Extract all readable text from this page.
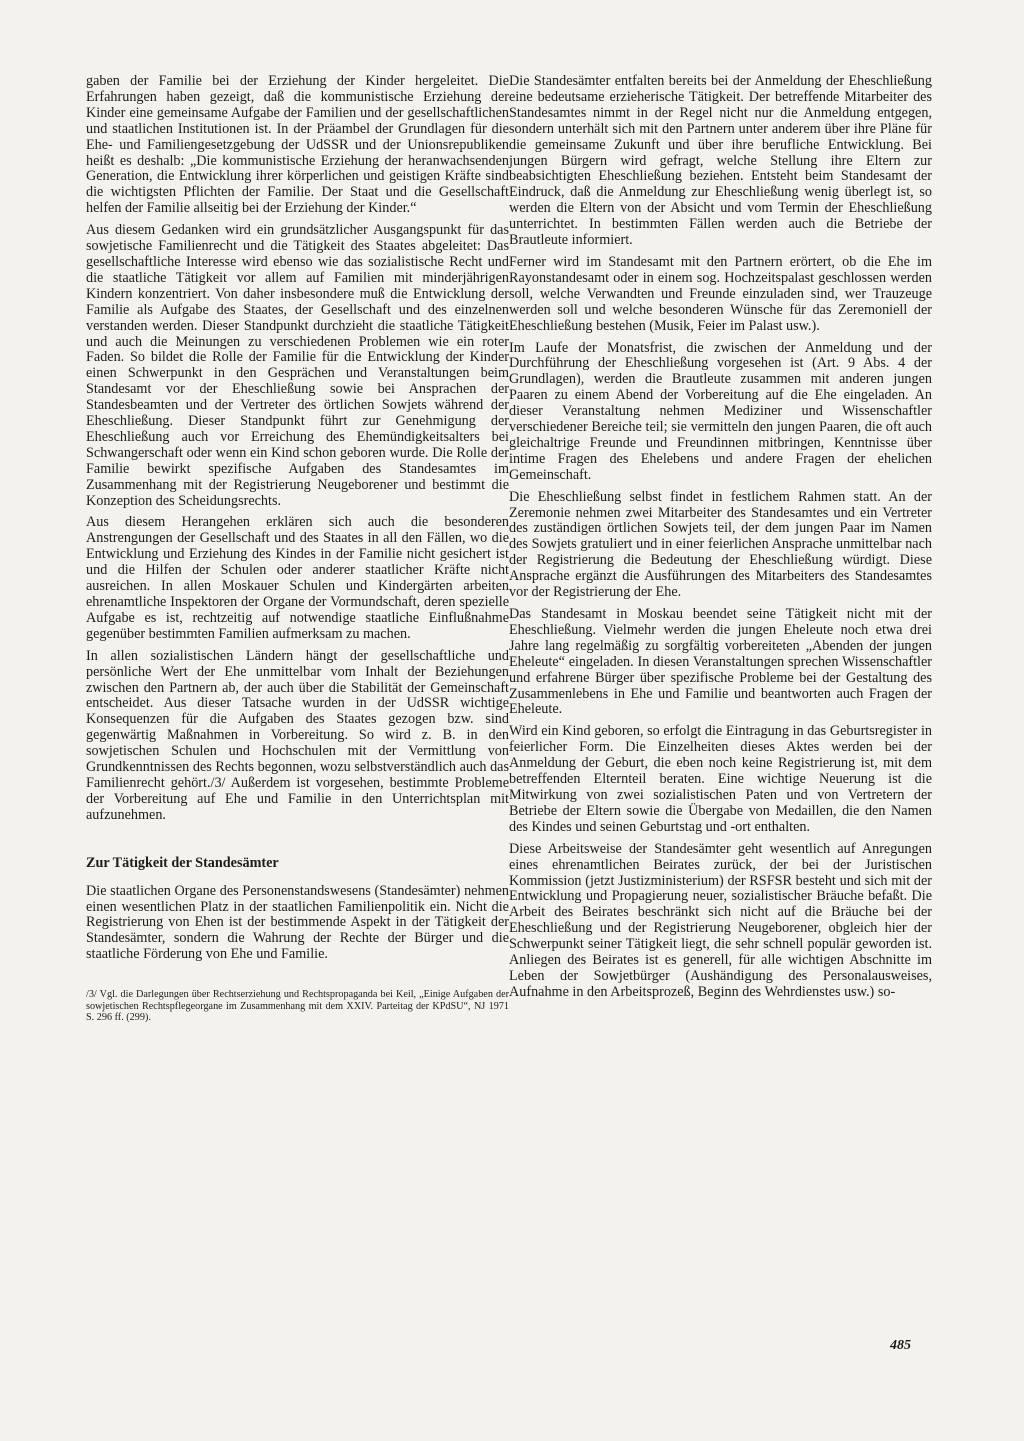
gaben der Familie bei der Erziehung der Kinder hergeleitet. Die Erfahrungen haben gezeigt, daß die kommunistische Erziehung der Kinder eine gemeinsame Aufgabe der Familien und der gesellschaftlichen und staatlichen Institutionen ist. In der Präambel der Grundlagen für die Ehe- und Familiengesetzgebung der UdSSR und der Unionsrepubliken heißt es deshalb: „Die kommunistische Erziehung der heranwachsenden Generation, die Entwicklung ihrer körperlichen und geistigen Kräfte sind die wichtigsten Pflichten der Familie. Der Staat und die Gesellschaft helfen der Familie allseitig bei der Erziehung der Kinder.“

Aus diesem Gedanken wird ein grundsätzlicher Ausgangspunkt für das sowjetische Familienrecht und die Tätigkeit des Staates abgeleitet: Das gesellschaftliche Interesse wird ebenso wie das sozialistische Recht und die staatliche Tätigkeit vor allem auf Familien mit minderjährigen Kindern konzentriert. Von daher insbesondere muß die Entwicklung der Familie als Aufgabe des Staates, der Gesellschaft und des einzelnen verstanden werden. Dieser Standpunkt durchzieht die staatliche Tätigkeit und auch die Meinungen zu verschiedenen Problemen wie ein roter Faden. So bildet die Rolle der Familie für die Entwicklung der Kinder einen Schwerpunkt in den Gesprächen und Veranstaltungen beim Standesamt vor der Eheschließung sowie bei Ansprachen der Standesbeamten und der Vertreter des örtlichen Sowjets während der Eheschließung. Dieser Standpunkt führt zur Genehmigung der Eheschließung auch vor Erreichung des Ehemündigkeitsalters bei Schwangerschaft oder wenn ein Kind schon geboren wurde. Die Rolle der Familie bewirkt spezifische Aufgaben des Standesamtes im Zusammenhang mit der Registrierung Neugeborener und bestimmt die Konzeption des Scheidungsrechts.

Aus diesem Herangehen erklären sich auch die besonderen Anstrengungen der Gesellschaft und des Staates in all den Fällen, wo die Entwicklung und Erziehung des Kindes in der Familie nicht gesichert ist und die Hilfen der Schulen oder anderer staatlicher Kräfte nicht ausreichen. In allen Moskauer Schulen und Kindergärten arbeiten ehrenamtliche Inspektoren der Organe der Vormundschaft, deren spezielle Aufgabe es ist, rechtzeitig auf notwendige staatliche Einflußnahme gegenüber bestimmten Familien aufmerksam zu machen.

In allen sozialistischen Ländern hängt der gesellschaftliche und persönliche Wert der Ehe unmittelbar vom Inhalt der Beziehungen zwischen den Partnern ab, der auch über die Stabilität der Gemeinschaft entscheidet. Aus dieser Tatsache wurden in der UdSSR wichtige Konsequenzen für die Aufgaben des Staates gezogen bzw. sind gegenwärtig Maßnahmen in Vorbereitung. So wird z. B. in den sowjetischen Schulen und Hochschulen mit der Vermittlung von Grundkenntnissen des Rechts begonnen, wozu selbstverständlich auch das Familienrecht gehört./3/ Außerdem ist vorgesehen, bestimmte Probleme der Vorbereitung auf Ehe und Familie in den Unterrichtsplan mit aufzunehmen.

Zur Tätigkeit der Standesämter

Die staatlichen Organe des Personenstandswesens (Standesämter) nehmen einen wesentlichen Platz in der staatlichen Familienpolitik ein. Nicht die Registrierung von Ehen ist der bestimmende Aspekt in der Tätigkeit der Standesämter, sondern die Wahrung der Rechte der Bürger und die staatliche Förderung von Ehe und Familie.

/3/ Vgl. die Darlegungen über Rechtserziehung und Rechtspropaganda bei Keil, „Einige Aufgaben der sowjetischen Rechtspflegeorgane im Zusammenhang mit dem XXIV. Parteitag der KPdSU“, NJ 1971 S. 296 ff. (299).

Die Standesämter entfalten bereits bei der Anmeldung der Eheschließung eine bedeutsame erzieherische Tätigkeit. Der betreffende Mitarbeiter des Standesamtes nimmt in der Regel nicht nur die Anmeldung entgegen, sondern unterhält sich mit den Partnern unter anderem über ihre Pläne für die gemeinsame Zukunft und über ihre berufliche Entwicklung. Bei jungen Bürgern wird gefragt, welche Stellung ihre Eltern zur beabsichtigten Eheschließung beziehen. Entsteht beim Standesamt der Eindruck, daß die Anmeldung zur Eheschließung wenig überlegt ist, so werden die Eltern von der Absicht und vom Termin der Eheschließung unterrichtet. In bestimmten Fällen werden auch die Betriebe der Brautleute informiert.

Ferner wird im Standesamt mit den Partnern erörtert, ob die Ehe im Rayonstandesamt oder in einem sog. Hochzeitspalast geschlossen werden soll, welche Verwandten und Freunde einzuladen sind, wer Trauzeuge werden soll und welche besonderen Wünsche für das Zeremoniell der Eheschließung bestehen (Musik, Feier im Palast usw.).

Im Laufe der Monatsfrist, die zwischen der Anmeldung und der Durchführung der Eheschließung vorgesehen ist (Art. 9 Abs. 4 der Grundlagen), werden die Brautleute zusammen mit anderen jungen Paaren zu einem Abend der Vorbereitung auf die Ehe eingeladen. An dieser Veranstaltung nehmen Mediziner und Wissenschaftler verschiedener Bereiche teil; sie vermitteln den jungen Paaren, die oft auch gleichaltrige Freunde und Freundinnen mitbringen, Kenntnisse über intime Fragen des Ehelebens und andere Fragen der ehelichen Gemeinschaft.

Die Eheschließung selbst findet in festlichem Rahmen statt. An der Zeremonie nehmen zwei Mitarbeiter des Standesamtes und ein Vertreter des zuständigen örtlichen Sowjets teil, der dem jungen Paar im Namen des Sowjets gratuliert und in einer feierlichen Ansprache unmittelbar nach der Registrierung die Bedeutung der Eheschließung würdigt. Diese Ansprache ergänzt die Ausführungen des Mitarbeiters des Standesamtes vor der Registrierung der Ehe.

Das Standesamt in Moskau beendet seine Tätigkeit nicht mit der Eheschließung. Vielmehr werden die jungen Eheleute noch etwa drei Jahre lang regelmäßig zu sorgfältig vorbereiteten „Abenden der jungen Eheleute“ eingeladen. In diesen Veranstaltungen sprechen Wissenschaftler und erfahrene Bürger über spezifische Probleme bei der Gestaltung des Zusammenlebens in Ehe und Familie und beantworten auch Fragen der Eheleute.

Wird ein Kind geboren, so erfolgt die Eintragung in das Geburtsregister in feierlicher Form. Die Einzelheiten dieses Aktes werden bei der Anmeldung der Geburt, die eben noch keine Registrierung ist, mit dem betreffenden Elternteil beraten. Eine wichtige Neuerung ist die Mitwirkung von zwei sozialistischen Paten und von Vertretern der Betriebe der Eltern sowie die Übergabe von Medaillen, die den Namen des Kindes und seinen Geburtstag und -ort enthalten.

Diese Arbeitsweise der Standesämter geht wesentlich auf Anregungen eines ehrenamtlichen Beirates zurück, der bei der Juristischen Kommission (jetzt Justizministerium) der RSFSR besteht und sich mit der Entwicklung und Propagierung neuer, sozialistischer Bräuche befaßt. Die Arbeit des Beirates beschränkt sich nicht auf die Bräuche bei der Eheschließung und der Registrierung Neugeborener, obgleich hier der Schwerpunkt seiner Tätigkeit liegt, die sehr schnell populär geworden ist. Anliegen des Beirates ist es generell, für alle wichtigen Abschnitte im Leben der Sowjetbürger (Aushändigung des Personalausweises, Aufnahme in den Arbeitsprozeß, Beginn des Wehrdienstes usw.) so-

485
